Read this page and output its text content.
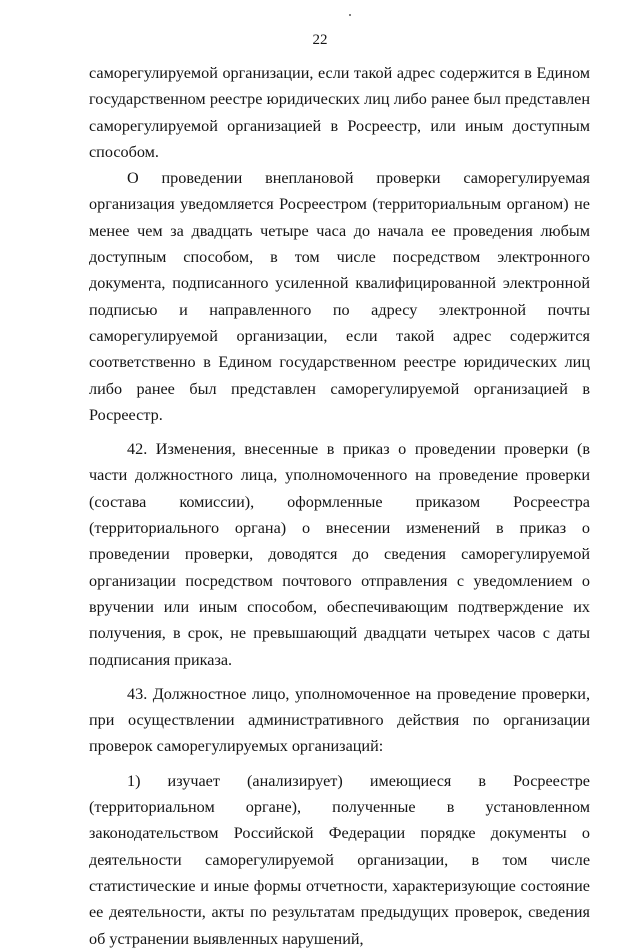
22

саморегулируемой организации, если такой адрес содержится в Едином государственном реестре юридических лиц либо ранее был представлен саморегулируемой организацией в Росреестр, или иным доступным способом.

О проведении внеплановой проверки саморегулируемая организация уведомляется Росреестром (территориальным органом) не менее чем за двадцать четыре часа до начала ее проведения любым доступным способом, в том числе посредством электронного документа, подписанного усиленной квалифицированной электронной подписью и направленного по адресу электронной почты саморегулируемой организации, если такой адрес содержится соответственно в Едином государственном реестре юридических лиц либо ранее был представлен саморегулируемой организацией в Росреестр.

42. Изменения, внесенные в приказ о проведении проверки (в части должностного лица, уполномоченного на проведение проверки (состава комиссии), оформленные приказом Росреестра (территориального органа) о внесении изменений в приказ о проведении проверки, доводятся до сведения саморегулируемой организации посредством почтового отправления с уведомлением о вручении или иным способом, обеспечивающим подтверждение их получения, в срок, не превышающий двадцати четырех часов с даты подписания приказа.

43. Должностное лицо, уполномоченное на проведение проверки, при осуществлении административного действия по организации проверок саморегулируемых организаций:

1) изучает (анализирует) имеющиеся в Росреестре (территориальном органе), полученные в установленном законодательством Российской Федерации порядке документы о деятельности саморегулируемой организации, в том числе статистические и иные формы отчетности, характеризующие состояние ее деятельности, акты по результатам предыдущих проверок, сведения об устранении выявленных нарушений,
